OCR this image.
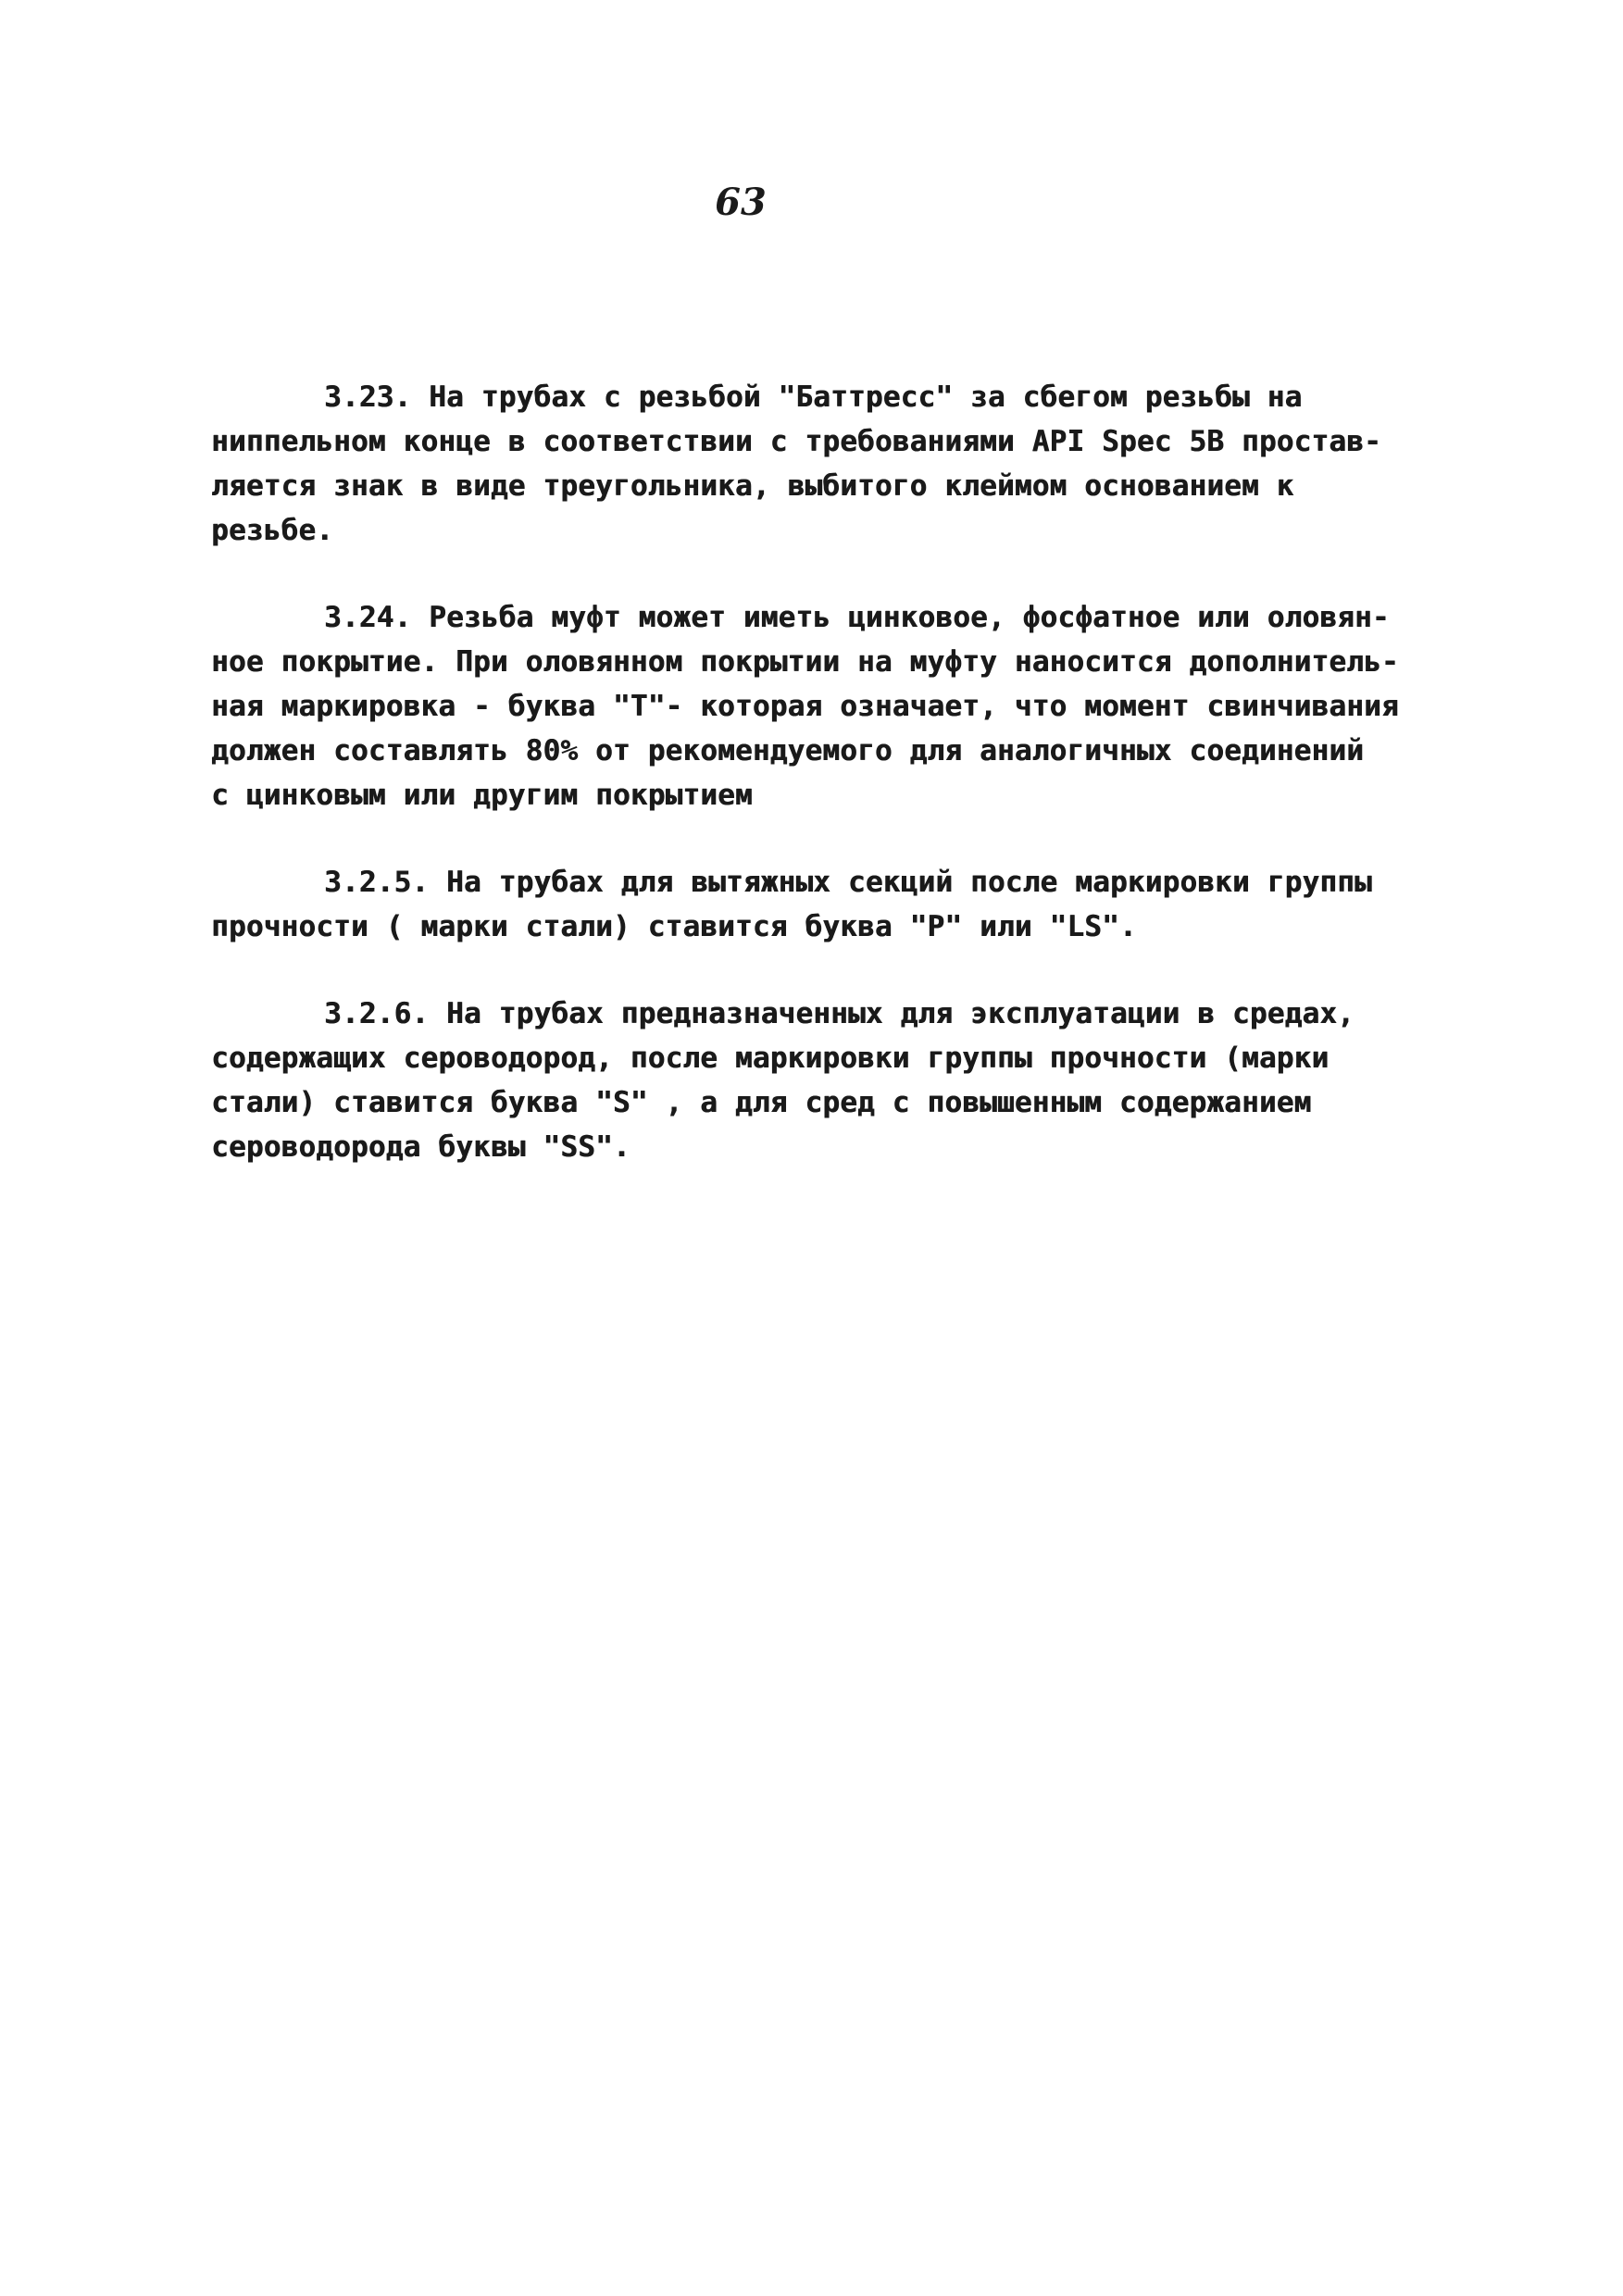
63

3.23. На трубах с резьбой "Баттресс" за сбегом резьбы на
ниппельном конце в соответствии с требованиями API Spec 5B простав-
ляется знак в виде треугольника, выбитого клеймом основанием к
резьбе.

3.24. Резьба муфт может иметь цинковое, фосфатное или оловян-
ное покрытие. При оловянном покрытии на муфту наносится дополнитель-
ная маркировка - буква "Т"- которая означает, что момент свинчивания
должен составлять 80% от рекомендуемого для аналогичных соединений
с цинковым или другим покрытием

3.2.5. На трубах для вытяжных секций после маркировки группы
прочности ( марки стали) ставится буква "P" или "LS".

3.2.6. На трубах предназначенных для эксплуатации в средах,
содержащих сероводород, после маркировки группы прочности (марки
стали) ставится буква "S" , а для сред с повышенным содержанием
сероводорода буквы "SS".
